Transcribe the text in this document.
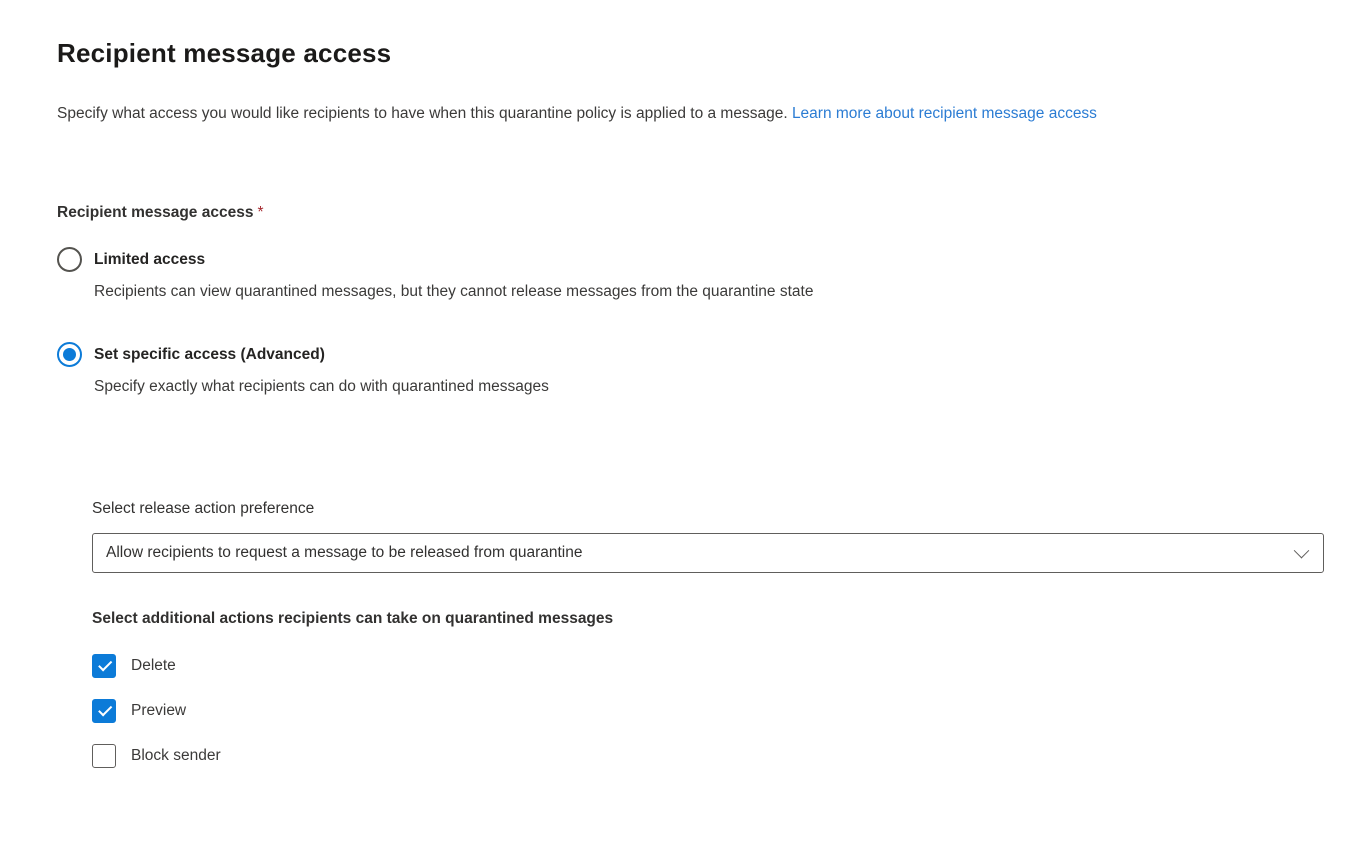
Recipient message access

Specify what access you would like recipients to have when this quarantine policy is applied to a message. Learn more about recipient message access

Recipient message access *
Limited access
Recipients can view quarantined messages, but they cannot release messages from the quarantine state
Set specific access (Advanced)
Specify exactly what recipients can do with quarantined messages
Select release action preference
Allow recipients to request a message to be released from quarantine
Select additional actions recipients can take on quarantined messages
Delete
Preview
Block sender
